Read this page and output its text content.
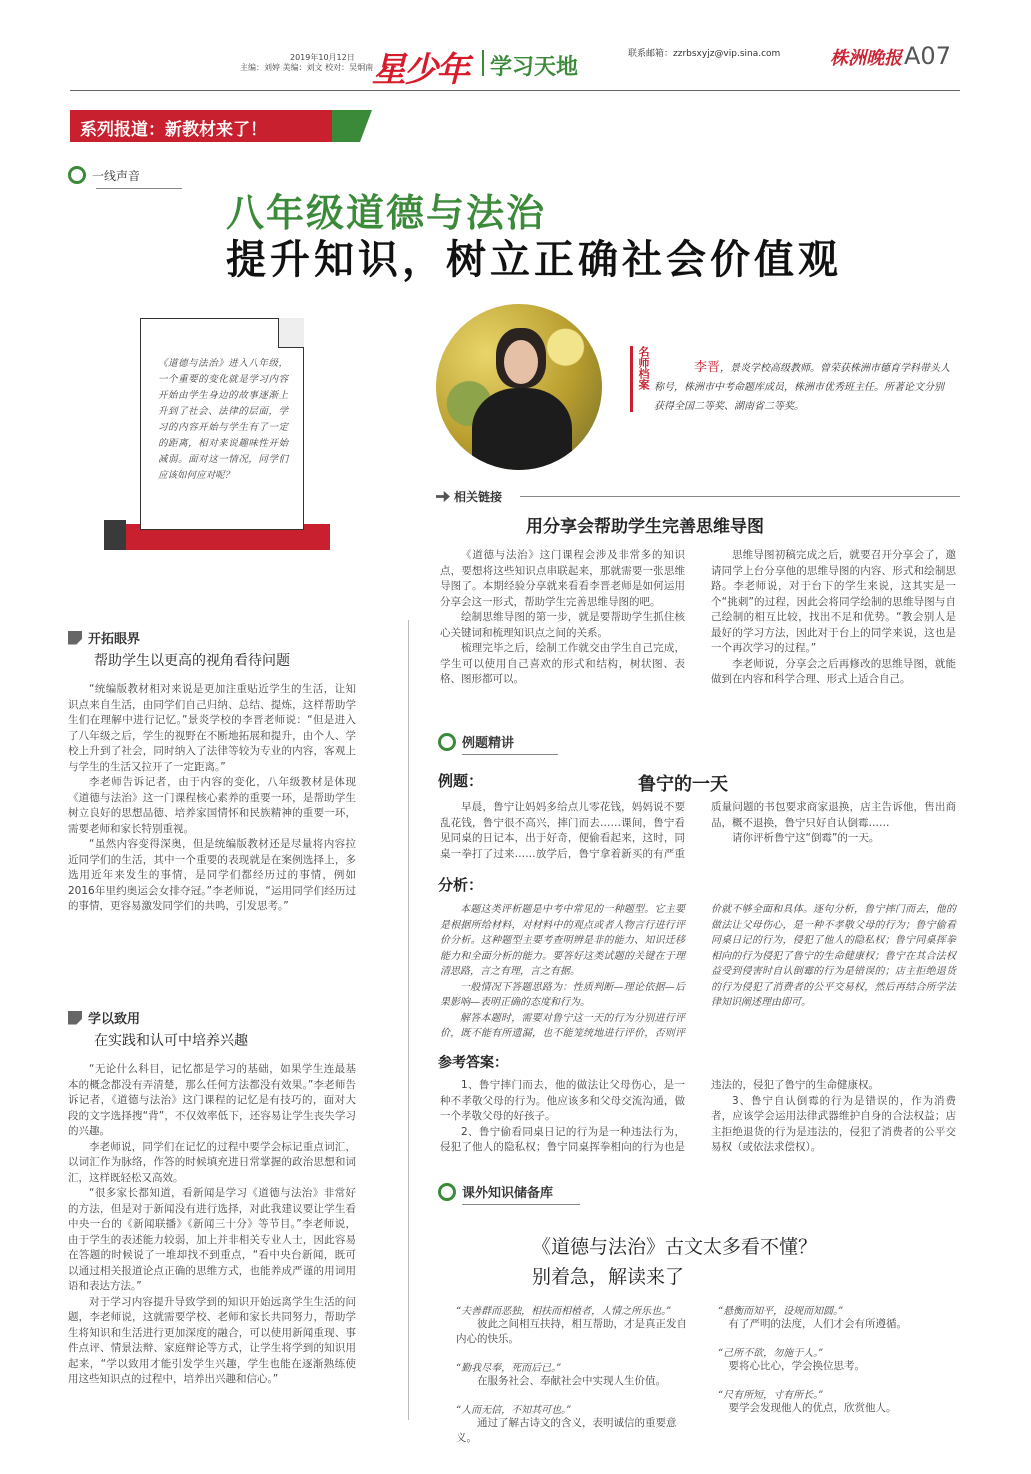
2019年10月12日
主编：刘婷 美编：刘文 校对：吴炯南
星少年 学习天地
联系邮箱：zzrbsxyjz@vip.sina.com	株洲晚报 A07
系列报道：新教材来了！
一线声音
八年级道德与法治
提升知识，树立正确社会价值观
《道德与法治》进入八年级，一个重要的变化就是学习内容开始由学生身边的故事逐渐上升到了社会、法律的层面，学习的内容开始与学生有了一定的距离，相对来说趣味性开始减弱。面对这一情况，同学们应该如何应对呢？
名师档案	李晋，景炎学校高级教师。曾荣获株洲市德育学科带头人称号，株洲市中考命题库成员，株洲市优秀班主任。所著论文分别获得全国二等奖、湖南省二等奖。
相关链接
用分享会帮助学生完善思维导图

《道德与法治》这门课程会涉及非常多的知识点，要想将这些知识点串联起来，那就需要一张思维导图了。本期经验分享就来看看李晋老师是如何运用分享会这一形式，帮助学生完善思维导图的吧。

绘制思维导图的第一步，就是要帮助学生抓住核心关键词和梳理知识点之间的关系。

梳理完毕之后，绘制工作就交由学生自己完成，学生可以使用自己喜欢的形式和结构，树状图、表格、图形都可以。

思维导图初稿完成之后，就要召开分享会了，邀请同学上台分享他的思维导图的内容、形式和绘制思路。李老师说，对于台下的学生来说，这其实是一个“挑刺”的过程，因此会将同学绘制的思维导图与自己绘制的相互比较，找出不足和优势。“教会别人是最好的学习方法，因此对于台上的同学来说，这也是一个再次学习的过程。”

李老师说，分享会之后再修改的思维导图，就能做到在内容和科学合理、形式上适合自己。

开拓眼界
帮助学生以更高的视角看待问题

“统编版教材相对来说是更加注重贴近学生的生活，让知识点来自生活，由同学们自己归纳、总结、提炼，这样帮助学生们在理解中进行记忆。”景炎学校的李晋老师说：“但是进入了八年级之后，学生的视野在不断地拓展和提升，由个人、学校上升到了社会，同时纳入了法律等较为专业的内容，客观上与学生的生活又拉开了一定距离。”

李老师告诉记者，由于内容的变化，八年级教材是体现《道德与法治》这一门课程核心素养的重要一环，是帮助学生树立良好的思想品德、培养家国情怀和民族精神的重要一环，需要老师和家长特别重视。

“虽然内容变得深奥，但是统编版教材还是尽量将内容拉近同学们的生活，其中一个重要的表现就是在案例选择上，多选用近年来发生的事情，是同学们都经历过的事情，例如2016年里约奥运会女排夺冠。”李老师说，“运用同学们经历过的事情，更容易激发同学们的共鸣，引发思考。”

学以致用
在实践和认可中培养兴趣

“无论什么科目，记忆都是学习的基础，如果学生连最基本的概念都没有弄清楚，那么任何方法都没有效果。”李老师告诉记者，《道德与法治》这门课程的记忆是有技巧的，面对大段的文字选择搜“背”，不仅效率低下，还容易让学生丧失学习的兴趣。

李老师说，同学们在记忆的过程中要学会标记重点词汇，以词汇作为脉络，作答的时候填充进日常掌握的政治思想和词汇，这样既轻松又高效。

“很多家长都知道，看新闻是学习《道德与法治》非常好的方法，但是对于新闻没有进行选择，对此我建议要让学生看中央一台的《新闻联播》《新闻三十分》等节目。”李老师说，由于学生的表述能力较弱，加上并非相关专业人士，因此容易在答题的时候说了一堆却找不到重点，“看中央台新闻，既可以通过相关报道论点正确的思维方式，也能养成严谨的用词用语和表达方法。”

对于学习内容提升导致学到的知识开始远离学生生活的问题，李老师说，这就需要学校、老师和家长共同努力，帮助学生将知识和生活进行更加深度的融合，可以使用新闻重现、事件点评、情景法辩、家庭辩论等方式，让学生将学到的知识用起来，“学以致用才能引发学生兴趣，学生也能在逐渐熟练使用这些知识点的过程中，培养出兴趣和信心。”

例题精讲
例题：	鲁宁的一天

早晨，鲁宁让妈妈多给点儿零花钱，妈妈说不要乱花钱，鲁宁很不高兴，摔门而去……课间，鲁宁看见同桌的日记本，出于好奇，便偷看起来，这时，同桌一拳打了过来……放学后，鲁宁拿着新买的有严重质量问题的书包要求商家退换，店主告诉他，售出商品，概不退换，鲁宁只好自认倒霉……

请你评析鲁宁这“倒霉”的一天。

分析：

本题这类评析题是中考中常见的一种题型。它主要是根据所给材料，对材料中的观点或者人物言行进行评价分析。这种题型主要考查明辨是非的能力、知识迁移能力和全面分析的能力。要答好这类试题的关键在于理清思路，言之有理，言之有据。

一般情况下答题思路为：性质判断—理论依据—后果影响—表明正确的态度和行为。

解答本题时，需要对鲁宁这一天的行为分别进行评价，既不能有所遗漏，也不能笼统地进行评价，否则评价就不够全面和具体。逐句分析，鲁宁摔门而去，他的做法让父母伤心，是一种不孝敬父母的行为；鲁宁偷看同桌日记的行为，侵犯了他人的隐私权；鲁宁同桌挥拳相向的行为侵犯了鲁宁的生命健康权；鲁宁在其合法权益受到侵害时自认倒霉的行为是错误的；店主拒绝退货的行为侵犯了消费者的公平交易权，然后再结合所学法律知识阐述理由即可。

参考答案：

1、鲁宁摔门而去，他的做法让父母伤心，是一种不孝敬父母的行为。他应该多和父母交流沟通，做一个孝敬父母的好孩子。

2、鲁宁偷看同桌日记的行为是一种违法行为，侵犯了他人的隐私权；鲁宁同桌挥拳相向的行为也是违法的，侵犯了鲁宁的生命健康权。

3、鲁宁自认倒霉的行为是错误的，作为消费者，应该学会运用法律武器维护自身的合法权益；店主拒绝退货的行为是违法的，侵犯了消费者的公平交易权（或依法求偿权）。

课外知识储备库
《道德与法治》古文太多看不懂？
别着急，解读来了
“夫善群而恶独，相扶而相植者，人情之所乐也。”
彼此之间相互扶持，相互帮助，才是真正发自内心的快乐。
“勤我尽奉，死而后已。”
在服务社会、奉献社会中实现人生价值。
“人而无信，不知其可也。”
通过了解古诗文的含义，表明诚信的重要意义。
“悬衡而知平，设规而知圆。”
有了严明的法度，人们才会有所遵循。
“己所不欲，勿施于人。”
要将心比心，学会换位思考。
“尺有所短，寸有所长。”
要学会发现他人的优点，欣赏他人。
